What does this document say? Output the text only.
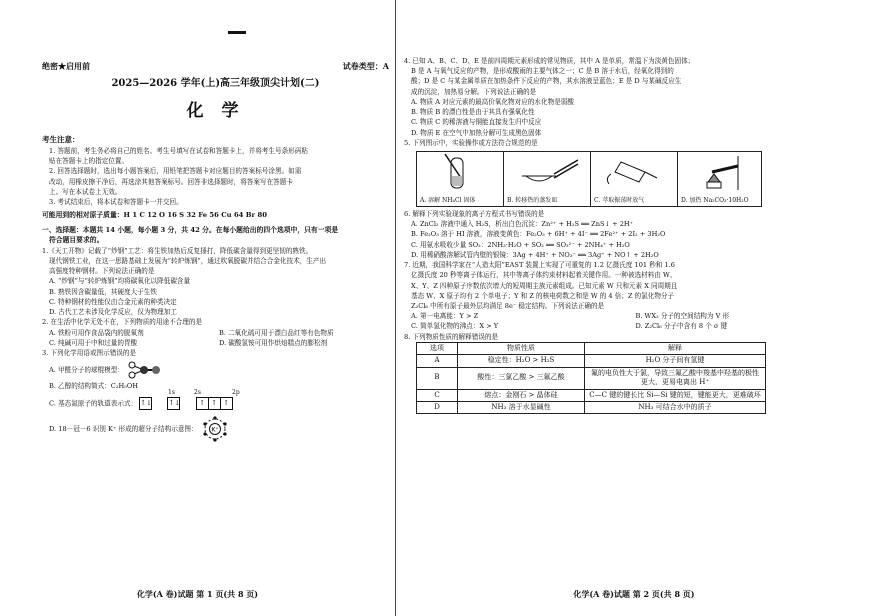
绝密★启用前	试卷类型：A
2025—2026 学年(上)高三年级顶尖计划(二)
化 学
考生注意：
1. 答题前，考生务必将自己的姓名、考生号填写在试卷和答题卡上，并将考生号条形码粘
贴在答题卡上的指定位置。
2. 回答选择题时，选出每小题答案后，用铅笔把答题卡对应题目的答案标号涂黑。如需
改动，用橡皮擦干净后，再选涂其他答案标号。回答非选择题时，将答案写在答题卡
上。写在本试卷上无效。
3. 考试结束后，将本试卷和答题卡一并交回。
可能用到的相对原子质量：H 1 C 12 O 16 S 32 Fe 56 Cu 64 Br 80
一、选择题：本题共 14 小题，每小题 3 分，共 42 分。在每小题给出的四个选项中，只有一项是
符合题目要求的。
1.《天工开物》记载了“炒钢”工艺：将生铁加热后反复捶打，降低碳含量得到更坚韧的熟铁。
现代钢铁工业，在这一思路基础上发展为“转炉炼钢”，通过吹氧脱碳并结合合金化技术，生产出
高强度特种钢材。下列说法正确的是
A. “炒钢”与“转炉炼钢”均将碳氧化以降低碳含量
B. 熟铁因含碳量低，其硬度大于生铁
C. 特种钢材的性能仅由合金元素的种类决定
D. 古代工艺未涉及化学反应，仅为物理加工
2. 在生活中化学无处不在，下列物质的用途不合理的是
A. 铁粉可用作食品袋内的脱氧剂	B. 二氧化硫可用于漂白品红等有色物质
C. 纯碱可用于中和过量的胃酸	D. 碳酸氢铵可用作烘焙糕点的膨松剂
3. 下列化学用语或图示错误的是
A. 甲醛分子的球棍模型：
B. 乙醇的结构简式：C₂H₅OH
1s	2s	2p
C. 基态氮原子的轨道表示式： ↑↓ ↑↓	↑ ↑ ↑
D. 18－冠－6 识别 K⁺ 形成的超分子结构示意图： K⁺
化学(A 卷)试题 第 1 页(共 8 页)
4. 已知 A、B、C、D、E 是前四周期元素形成的常见物质，其中 A 是单质，常温下为淡黄色固体；
B 是 A 与氧气反应的产物，是形成酸雨的主要气体之一；C 是 B 溶于水后，经氧化得到的
酸；D 是 C 与某金属单质在加热条件下反应的产物，其水溶液呈蓝色；E 是 D 与某碱反应生
成的沉淀，加热易分解。下列说法正确的是
A. 物质 A 对应元素的最高价氧化物对应的水化物是弱酸
B. 物质 B 的漂白性是由于其具有强氧化性
C. 物质 C 的稀溶液与铜能直接发生归中反应
D. 物质 E 在空气中加热分解可生成黑色固体
5. 下列图示中，实验操作或方法符合规范的是
A. 溶解 NH₄Cl 固体	B. 转移热的蒸发皿	C. 萃取振荡时放气	D. 加热 Na₂CO₃·10H₂O
6. 解释下列实验现象的离子方程式书写错误的是
A. ZnCl₂ 溶液中通入 H₂S，析出白色沉淀：Zn²⁺ + H₂S ══ ZnS↓ + 2H⁺
B. Fe₂O₃ 溶于 HI 溶液，溶液变黄色：Fe₂O₃ + 6H⁺ + 4I⁻ ══ 2Fe²⁺ + 2I₂ + 3H₂O
C. 用氨水吸收少量 SO₂：2NH₃·H₂O + SO₂ ══ SO₃²⁻ + 2NH₄⁺ + H₂O
D. 用稀硝酸溶解试管内壁的银镜：3Ag + 4H⁺ + NO₃⁻ ══ 3Ag⁺ + NO↑ + 2H₂O
7. 近期，我国科学家在“人造太阳”EAST 装置上实现了可重复的 1.2 亿摄氏度 101 秒和 1.6
亿摄氏度 20 秒等离子体运行，其中等离子体约束材料起着关键作用。一种被选材料由 W、
X、Y、Z 四种原子序数依次增大的短周期主族元素组成。已知元素 W 只和元素 X 同周期且
基态 W、X 原子均有 2 个单电子；Y 和 Z 的核电荷数之和是 W 的 4 倍；Z 的氯化物分子
Z₂Cl₆ 中所有原子最外层均满足 8e⁻ 稳定结构。下列说法正确的是
A. 第一电离能：Y > Z	B. WX₂ 分子的空间结构为 V 形
C. 简单氢化物的沸点：X > Y	D. Z₂Cl₆ 分子中含有 8 个 σ 键
8. 下列物质性质的解释错误的是
选项	物质性质	解释
A	稳定性：H₂O > H₂S	H₂O 分子间有氢键
B	酸性：三氯乙酸 > 三氟乙酸	氟的电负性大于氯，导致三氟乙酸中羧基中羟基的极性更大，更易电离出 H⁺
C	熔点：金刚石 > 晶体硅	C—C 键的键长比 Si—Si 键的短，键能更大，更难破坏
D	NH₃ 溶于水显碱性	NH₃ 可结合水中的质子
化学(A 卷)试题 第 2 页(共 8 页)
